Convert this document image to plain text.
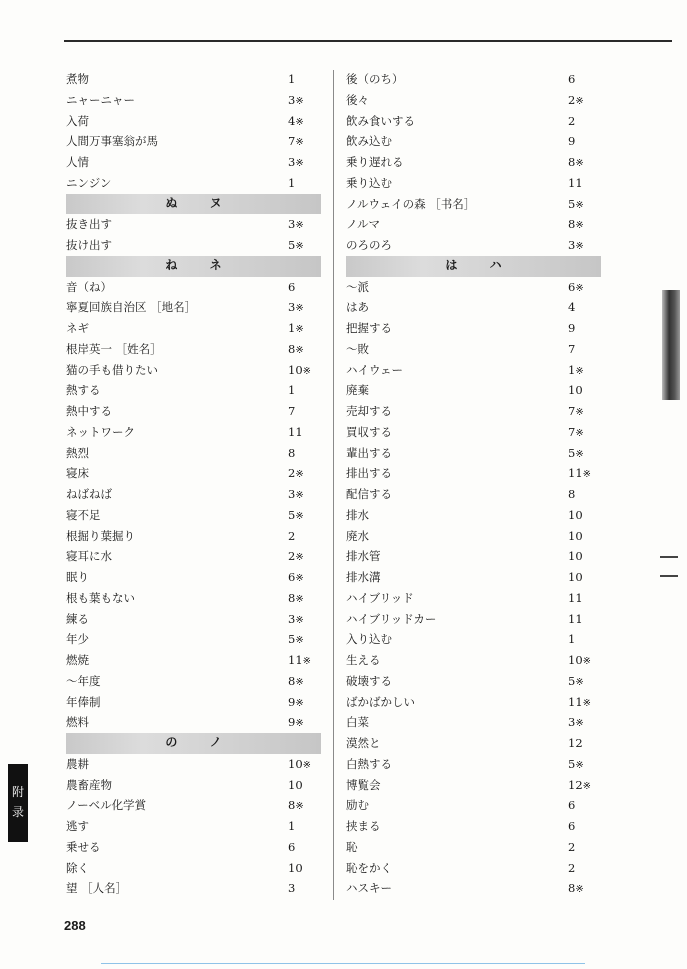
煮物	1
ニャーニャー	3※
入荷	4※
人間万事塞翁が馬	7※
人情	3※
ニンジン	1
ぬ ヌ
抜き出す	3※
抜け出す	5※
ね ネ
音（ね）	6
寧夏回族自治区 ［地名］	3※
ネギ	1※
根岸英一 ［姓名］	8※
猫の手も借りたい	10※
熱する	1
熱中する	7
ネットワーク	11
熱烈	8
寝床	2※
ねばねば	3※
寝不足	5※
根掘り葉掘り	2
寝耳に水	2※
眠り	6※
根も葉もない	8※
練る	3※
年少	5※
燃焼	11※
～年度	8※
年俸制	9※
燃料	9※
の ノ
農耕	10※
農畜産物	10
ノーベル化学賞	8※
逃す	1
乗せる	6
除く	10
望 ［人名］	3
後（のち）	6
後々	2※
飲み食いする	2
飲み込む	9
乗り遅れる	8※
乗り込む	11
ノルウェイの森 ［书名］	5※
ノルマ	8※
のろのろ	3※
は ハ
～派	6※
はあ	4
把握する	9
～敗	7
ハイウェー	1※
廃棄	10
売却する	7※
買収する	7※
輩出する	5※
排出する	11※
配信する	8
排水	10
廃水	10
排水管	10
排水溝	10
ハイブリッド	11
ハイブリッドカー	11
入り込む	1
生える	10※
破壊する	5※
ばかばかしい	11※
白菜	3※
漠然と	12
白熱する	5※
博覧会	12※
励む	6
挟まる	6
恥	2
恥をかく	2
ハスキー	8※
附
录
288
